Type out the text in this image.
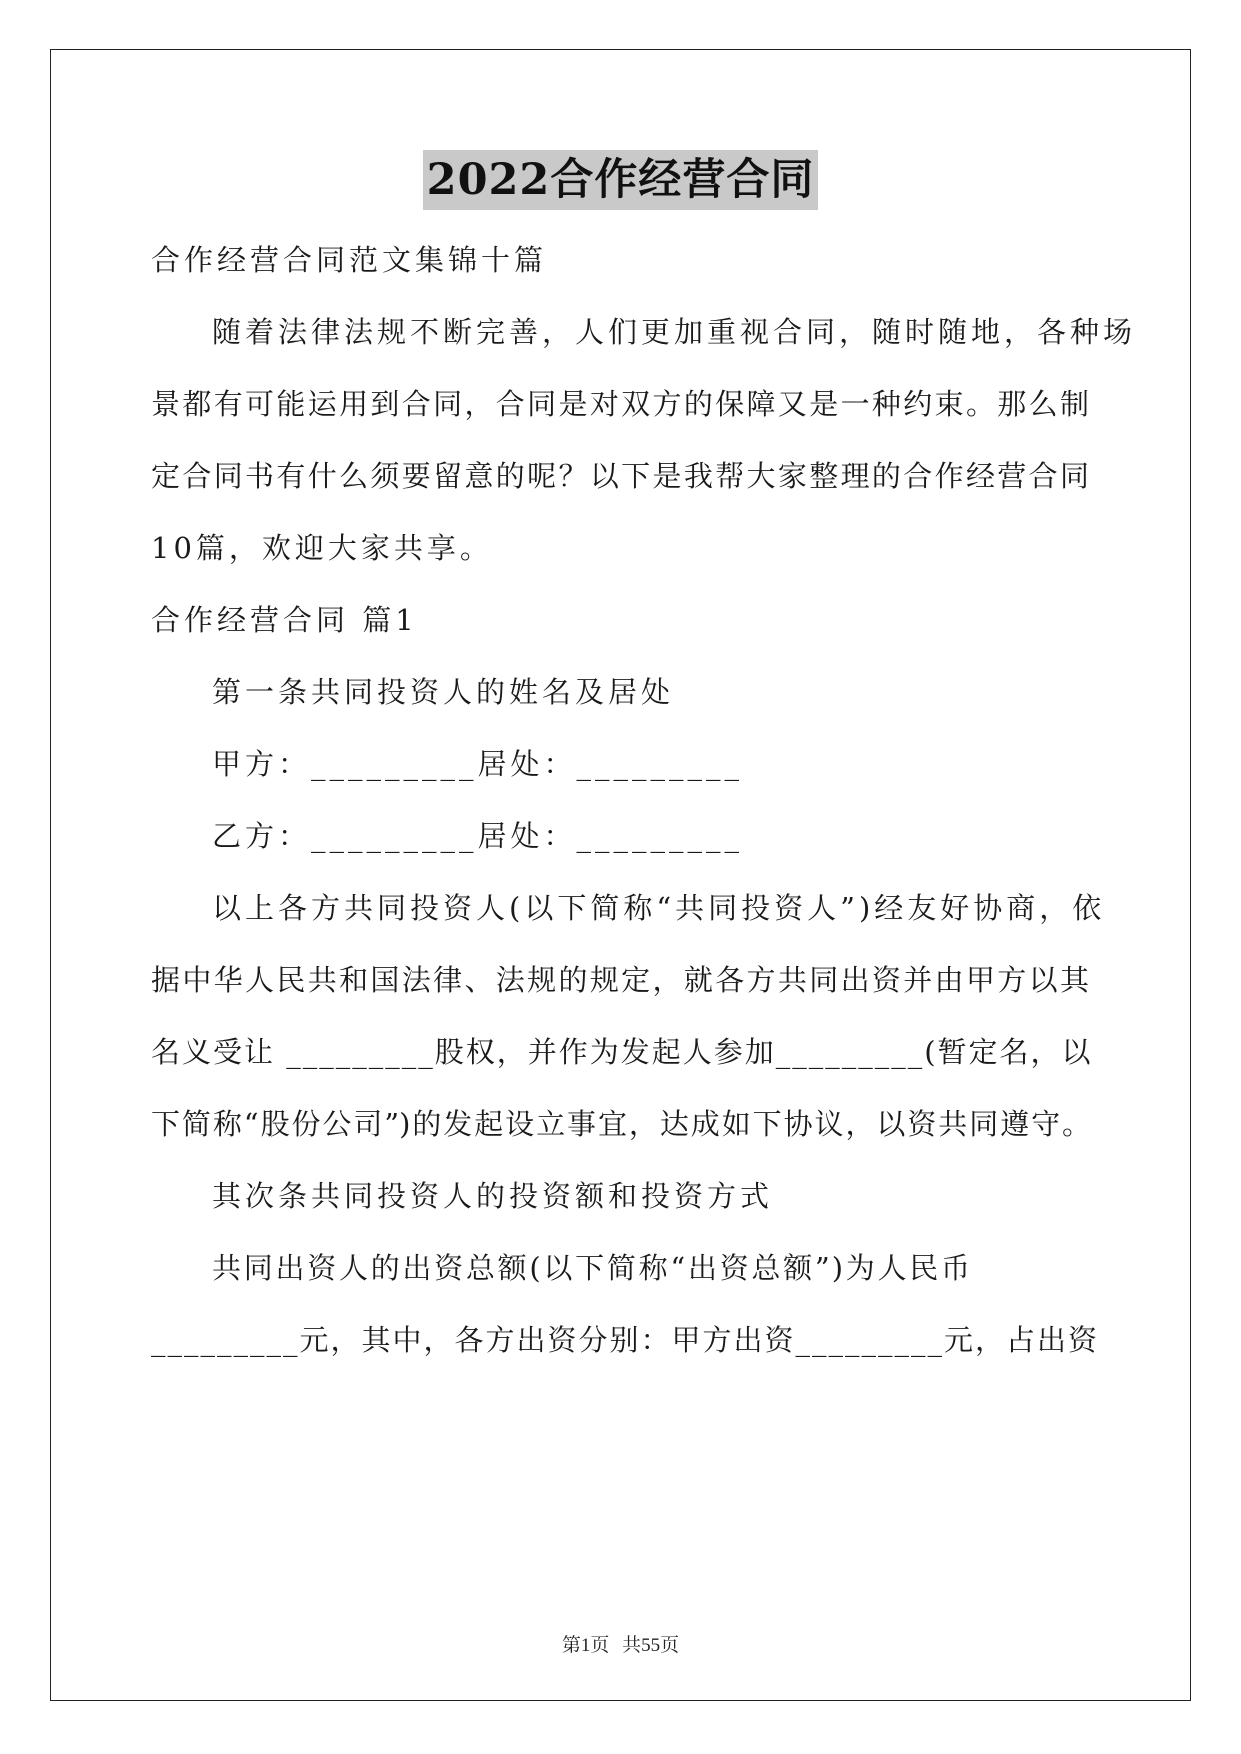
2022合作经营合同
合作经营合同范文集锦十篇
随着法律法规不断完善，人们更加重视合同，随时随地，各种场
景都有可能运用到合同，合同是对双方的保障又是一种约束。那么制
定合同书有什么须要留意的呢？以下是我帮大家整理的合作经营合同
10篇，欢迎大家共享。
合作经营合同 篇1
第一条共同投资人的姓名及居处
甲方：_________居处：_________
乙方：_________居处：_________
以上各方共同投资人(以下简称“共同投资人”)经友好协商，依
据中华人民共和国法律、法规的规定，就各方共同出资并由甲方以其
名义受让 _________股权，并作为发起人参加_________(暂定名，以
下简称“股份公司”)的发起设立事宜，达成如下协议，以资共同遵守。
其次条共同投资人的投资额和投资方式
共同出资人的出资总额(以下简称“出资总额”)为人民币
_________元，其中，各方出资分别：甲方出资_________元，占出资
第1页 共55页
